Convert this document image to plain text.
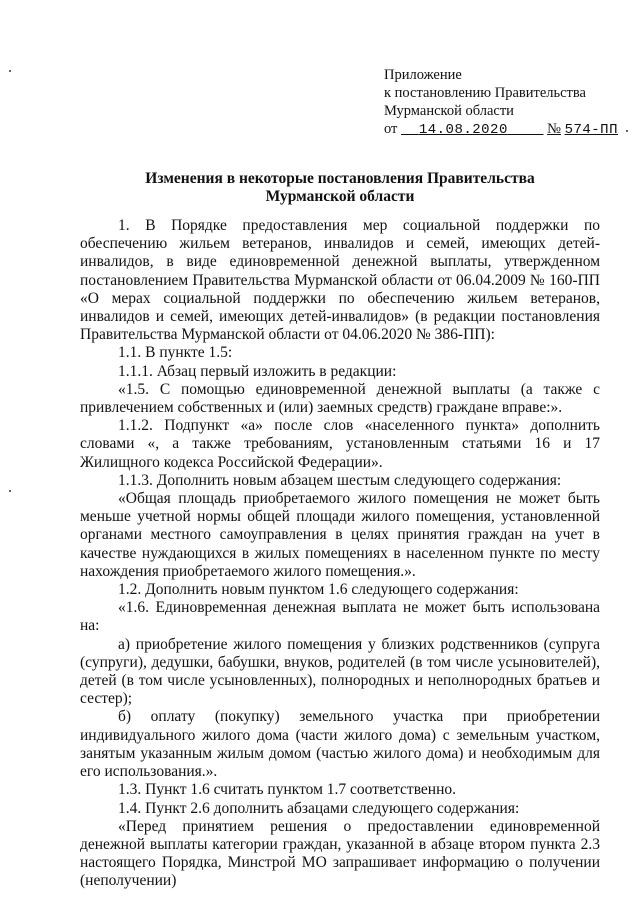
Приложение
к постановлению Правительства
Мурманской области
от 14.08.2020	№ 574-ПП
Изменения в некоторые постановления Правительства
Мурманской области

1. В Порядке предоставления мер социальной поддержки по обеспечению жильем ветеранов, инвалидов и семей, имеющих детей-инвалидов, в виде единовременной денежной выплаты, утвержденном постановлением Правительства Мурманской области от 06.04.2009 № 160-ПП «О мерах социальной поддержки по обеспечению жильем ветеранов, инвалидов и семей, имеющих детей-инвалидов» (в редакции постановления Правительства Мурманской области от 04.06.2020 № 386-ПП):

1.1. В пункте 1.5:

1.1.1. Абзац первый изложить в редакции:

«1.5. С помощью единовременной денежной выплаты (а также с привлечением собственных и (или) заемных средств) граждане вправе:».

1.1.2. Подпункт «а» после слов «населенного пункта» дополнить словами «, а также требованиям, установленным статьями 16 и 17 Жилищного кодекса Российской Федерации».

1.1.3. Дополнить новым абзацем шестым следующего содержания:

«Общая площадь приобретаемого жилого помещения не может быть меньше учетной нормы общей площади жилого помещения, установленной органами местного самоуправления в целях принятия граждан на учет в качестве нуждающихся в жилых помещениях в населенном пункте по месту нахождения приобретаемого жилого помещения.».

1.2. Дополнить новым пунктом 1.6 следующего содержания:

«1.6. Единовременная денежная выплата не может быть использована на:

а) приобретение жилого помещения у близких родственников (супруга (супруги), дедушки, бабушки, внуков, родителей (в том числе усыновителей), детей (в том числе усыновленных), полнородных и неполнородных братьев и сестер);

б) оплату (покупку) земельного участка при приобретении индивидуального жилого дома (части жилого дома) с земельным участком, занятым указанным жилым домом (частью жилого дома) и необходимым для его использования.».

1.3. Пункт 1.6 считать пунктом 1.7 соответственно.

1.4. Пункт 2.6 дополнить абзацами следующего содержания:

«Перед принятием решения о предоставлении единовременной денежной выплаты категории граждан, указанной в абзаце втором пункта 2.3 настоящего Порядка, Минстрой МО запрашивает информацию о получении (неполучении)
